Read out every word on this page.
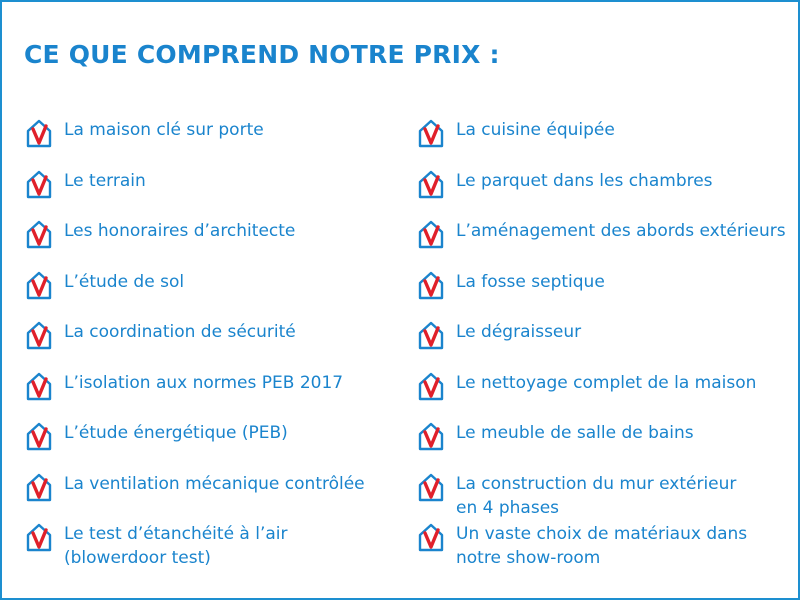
CE QUE COMPREND NOTRE PRIX :
La maison clé sur porte
Le terrain
Les honoraires d’architecte
L’étude de sol
La coordination de sécurité
L’isolation aux normes PEB 2017
L’étude énergétique (PEB)
La ventilation mécanique contrôlée
Le test d’étanchéité à l’air
(blowerdoor test)
La cuisine équipée
Le parquet dans les chambres
L’aménagement des abords extérieurs
La fosse septique
Le dégraisseur
Le nettoyage complet de la maison
Le meuble de salle de bains
La construction du mur extérieur
en 4 phases
Un vaste choix de matériaux dans
notre show-room
